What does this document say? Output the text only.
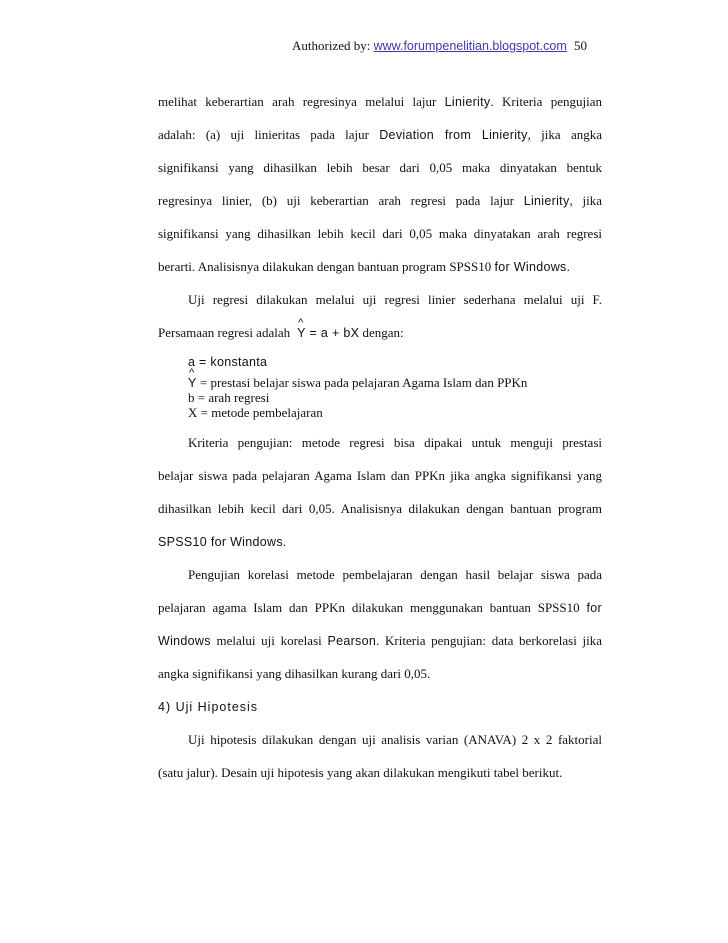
Authorized by: www.forumpenelitian.blogspot.com 50
melihat keberartian arah regresinya melalui lajur Linierity. Kriteria pengujian
adalah: (a) uji linieritas pada lajur Deviation from Linierity, jika angka
signifikansi yang dihasilkan lebih besar dari 0,05 maka dinyatakan bentuk
regresinya linier, (b) uji keberartian arah regresi pada lajur Linierity, jika
signifikansi yang dihasilkan lebih kecil dari 0,05 maka dinyatakan arah regresi
berarti. Analisisnya dilakukan dengan bantuan program SPSS10 for Windows.
Uji regresi dilakukan melalui uji regresi linier sederhana melalui uji F.
Persamaan regresi adalah
^
Y = a + bX dengan:
a = konstanta
^
Y = prestasi belajar siswa pada pelajaran Agama Islam dan PPKn
b = arah regresi
X = metode pembelajaran
Kriteria pengujian: metode regresi bisa dipakai untuk menguji prestasi
belajar siswa pada pelajaran Agama Islam dan PPKn jika angka signifikansi yang
dihasilkan lebih kecil dari 0,05. Analisisnya dilakukan dengan bantuan program
SPSS10 for Windows.
Pengujian korelasi metode pembelajaran dengan hasil belajar siswa pada
pelajaran agama Islam dan PPKn dilakukan menggunakan bantuan SPSS10 for
Windows melalui uji korelasi Pearson. Kriteria pengujian: data berkorelasi jika
angka signifikansi yang dihasilkan kurang dari 0,05.
4) Uji Hipotesis
Uji hipotesis dilakukan dengan uji analisis varian (ANAVA) 2 x 2 faktorial
(satu jalur). Desain uji hipotesis yang akan dilakukan mengikuti tabel berikut.
